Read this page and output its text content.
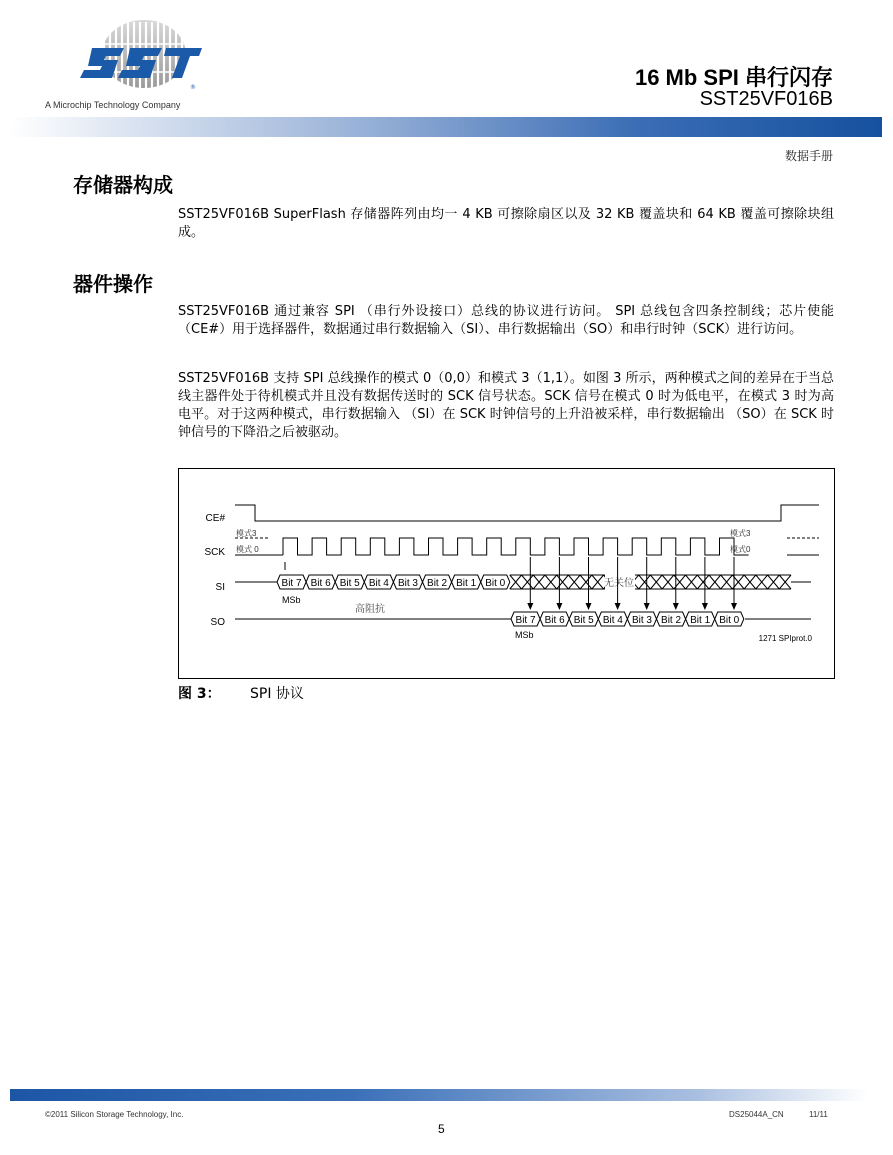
®
A Microchip Technology Company
16 Mb SPI 串行闪存
SST25VF016B
数据手册
存储器构成
SST25VF016B SuperFlash 存储器阵列由均一 4 KB 可擦除扇区以及 32 KB 覆盖块和 64 KB 覆盖可擦除块组成。
器件操作
SST25VF016B 通过兼容 SPI （串行外设接口）总线的协议进行访问。 SPI 总线包含四条控制线；芯片使能 （CE#）用于选择器件，数据通过串行数据输入（SI）、串行数据输出（SO）和串行时钟（SCK）进行访问。
SST25VF016B 支持 SPI 总线操作的模式 0（0,0）和模式 3（1,1）。如图 3 所示，两种模式之间的差异在于当总线主器件处于待机模式并且没有数据传送时的 SCK 信号状态。SCK 信号在模式 0 时为低电平，在模式 3 时为高电平。对于这两种模式，串行数据输入 （SI）在 SCK 时钟信号的上升沿被采样，串行数据输出 （SO）在 SCK 时钟信号的下降沿之后被驱动。
CE#
SCK
SI
SO
模式3
模式 0
模式3
模式0
Bit 7 Bit 6 Bit 5 Bit 4 Bit 3 Bit 2 Bit 1 Bit 0	无关位
MSb
高阻抗
Bit 7 Bit 6 Bit 5 Bit 4 Bit 3 Bit 2 Bit 1 Bit 0
MSb	1271 SPIprot.0
图 3： SPI 协议
©2011 Silicon Storage Technology, Inc.	DS25044A_CN	11/11
5
